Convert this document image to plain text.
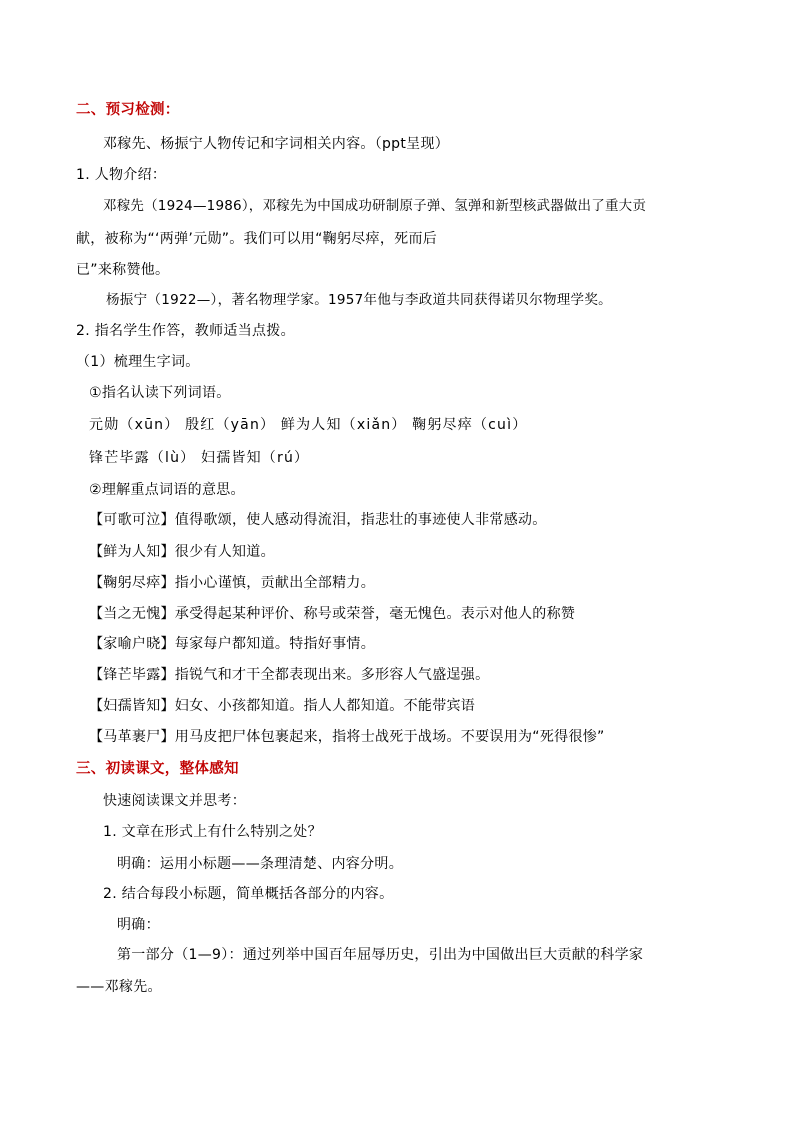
二、预习检测：
邓稼先、杨振宁人物传记和字词相关内容。（ppt呈现）
1. 人物介绍：
邓稼先（1924—1986），邓稼先为中国成功研制原子弹、氢弹和新型核武器做出了重大贡
献，被称为“‘两弹’元勋”。我们可以用“鞠躬尽瘁，死而后
已”来称赞他。
杨振宁（1922—），著名物理学家。1957年他与李政道共同获得诺贝尔物理学奖。
2. 指名学生作答，教师适当点拨。
（1）梳理生字词。
①指名认读下列词语。
元勋（xūn） 殷红（yān） 鲜为人知（xiǎn） 鞠躬尽瘁（cuì）
锋芒毕露（lù） 妇孺皆知（rú）
②理解重点词语的意思。
【可歌可泣】值得歌颂，使人感动得流泪，指悲壮的事迹使人非常感动。
【鲜为人知】很少有人知道。
【鞠躬尽瘁】指小心谨慎，贡献出全部精力。
【当之无愧】承受得起某种评价、称号或荣誉，毫无愧色。表示对他人的称赞
【家喻户晓】每家每户都知道。特指好事情。
【锋芒毕露】指锐气和才干全都表现出来。多形容人气盛逞强。
【妇孺皆知】妇女、小孩都知道。指人人都知道。不能带宾语
【马革裹尸】用马皮把尸体包裹起来，指将士战死于战场。不要误用为“死得很惨”
三、初读课文，整体感知
快速阅读课文并思考：
1. 文章在形式上有什么特别之处？
明确：运用小标题——条理清楚、内容分明。
2. 结合每段小标题，简单概括各部分的内容。
明确：
第一部分（1—9）：通过列举中国百年屈辱历史，引出为中国做出巨大贡献的科学家
——邓稼先。
